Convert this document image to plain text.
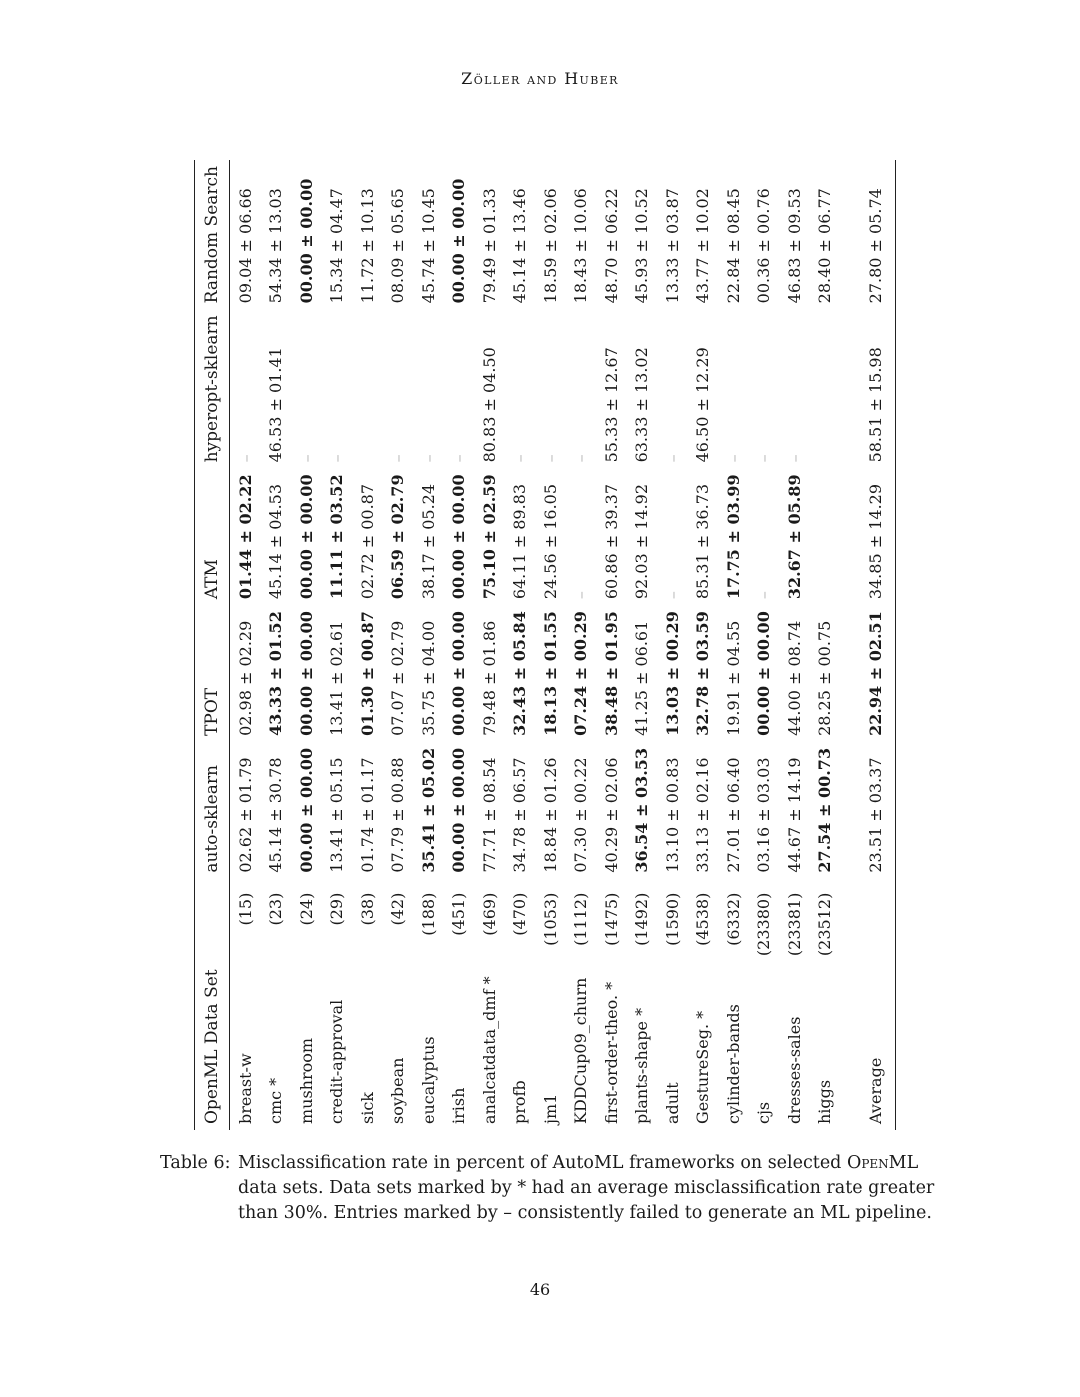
Zöller and Huber
OpenML Data Set		auto-sklearn	TPOT	ATM	hyperopt-sklearn	Random Search
breast-w	(15)	02.62 ± 01.79	02.98 ± 02.29	01.44 ± 02.22	–	09.04 ± 06.66
cmc *	(23)	45.14 ± 30.78	43.33 ± 01.52	45.14 ± 04.53	46.53 ± 01.41	54.34 ± 13.03
mushroom	(24)	00.00 ± 00.00	00.00 ± 00.00	00.00 ± 00.00	–	00.00 ± 00.00
credit-approval	(29)	13.41 ± 05.15	13.41 ± 02.61	11.11 ± 03.52	–	15.34 ± 04.47
sick	(38)	01.74 ± 01.17	01.30 ± 00.87	02.72 ± 00.87		11.72 ± 10.13
soybean	(42)	07.79 ± 00.88	07.07 ± 02.79	06.59 ± 02.79	–	08.09 ± 05.65
eucalyptus	(188)	35.41 ± 05.02	35.75 ± 04.00	38.17 ± 05.24	–	45.74 ± 10.45
irish	(451)	00.00 ± 00.00	00.00 ± 00.00	00.00 ± 00.00	–	00.00 ± 00.00
analcatdata_dmf *	(469)	77.71 ± 08.54	79.48 ± 01.86	75.10 ± 02.59	80.83 ± 04.50	79.49 ± 01.33
profb	(470)	34.78 ± 06.57	32.43 ± 05.84	64.11 ± 89.83	–	45.14 ± 13.46
jm1	(1053)	18.84 ± 01.26	18.13 ± 01.55	24.56 ± 16.05	–	18.59 ± 02.06
KDDCup09_churn	(1112)	07.30 ± 00.22	07.24 ± 00.29	–	–	18.43 ± 10.06
first-order-theo. *	(1475)	40.29 ± 02.06	38.48 ± 01.95	60.86 ± 39.37	55.33 ± 12.67	48.70 ± 06.22
plants-shape *	(1492)	36.54 ± 03.53	41.25 ± 06.61	92.03 ± 14.92	63.33 ± 13.02	45.93 ± 10.52
adult	(1590)	13.10 ± 00.83	13.03 ± 00.29	–	–	13.33 ± 03.87
GestureSeg. *	(4538)	33.13 ± 02.16	32.78 ± 03.59	85.31 ± 36.73	46.50 ± 12.29	43.77 ± 10.02
cylinder-bands	(6332)	27.01 ± 06.40	19.91 ± 04.55	17.75 ± 03.99	–	22.84 ± 08.45
cjs	(23380)	03.16 ± 03.03	00.00 ± 00.00	–	–	00.36 ± 00.76
dresses-sales	(23381)	44.67 ± 14.19	44.00 ± 08.74	32.67 ± 05.89	–	46.83 ± 09.53
higgs	(23512)	27.54 ± 00.73	28.25 ± 00.75			28.40 ± 06.77
Average		23.51 ± 03.37	22.94 ± 02.51	34.85 ± 14.29	58.51 ± 15.98	27.80 ± 05.74
Table 6: Misclassification rate in percent of AutoML frameworks on selected OpenML data sets. Data sets marked by * had an average misclassification rate greater than 30%. Entries marked by – consistently failed to generate an ML pipeline.
46
